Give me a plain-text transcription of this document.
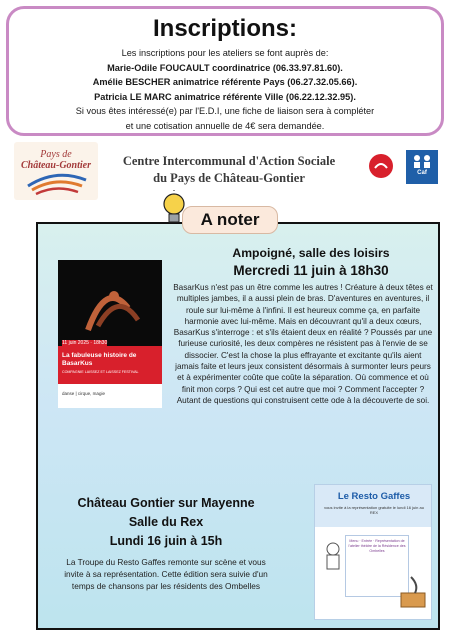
Inscriptions:

Les inscriptions pour les ateliers se font auprès de:

Marie-Odile FOUCAULT coordinatrice (06.33.97.81.60).

Amélie BESCHER animatrice référente Pays (06.27.32.05.66).

Patricia LE MARC animatrice référente Ville (06.22.12.32.95).

Si vous êtes intéressé(e) par l'E.D.I, une fiche de liaison sera à compléter

et une cotisation annuelle de 4€ sera demandée.

Pays de
Château-Gontier	Centre Intercommunal d'Action Sociale
du Pays de Château-Gontier	Caf
A noter
Ampoigné, salle des loisirs
Mercredi 11 juin à 18h30

BasarKus n'est pas un être comme les autres ! Créature à deux têtes et multiples jambes, il a aussi plein de bras. D'aventures en aventures, il roule sur lui-même à l'infini. Il est heureux comme ça, en parfaite harmonie avec lui-même. Mais en découvrant qu'il a deux cœurs, BasarKus s'interroge : et s'ils étaient deux en réalité ? Poussés par une furieuse curiosité, les deux compères ne résistent pas à l'envie de se dissocier. C'est la chose la plus effrayante et excitante qu'ils aient jamais faite et leurs jeux consistent désormais à surmonter leurs peurs et à expérimenter coûte que coûte la séparation. Où commence et où finit mon corps ? Qui est cet autre que moi ? Comment l'accepter ? Autant de questions qui construisent cette ode à la découverte de soi.

11 juin 2025 · 18h30
La fabuleuse histoire de BasarKus
COMPAGNIE LAISSEZ ET LAISSEZ FESTIVAL
danse | cirque, magie
Château Gontier sur Mayenne
Salle du Rex
Lundi 16 juin à 15h

La Troupe du Resto Gaffes remonte sur scène et vous invite à sa représentation. Cette édition sera suivie d'un temps de chansons par les résidents des Ombelles

Le Resto Gaffes
vous invite à la représentation gratuite le lundi 16 juin au REX
Menu · Entrée · Représentation de l'atelier théâtre de la Résidence des Ombelles
